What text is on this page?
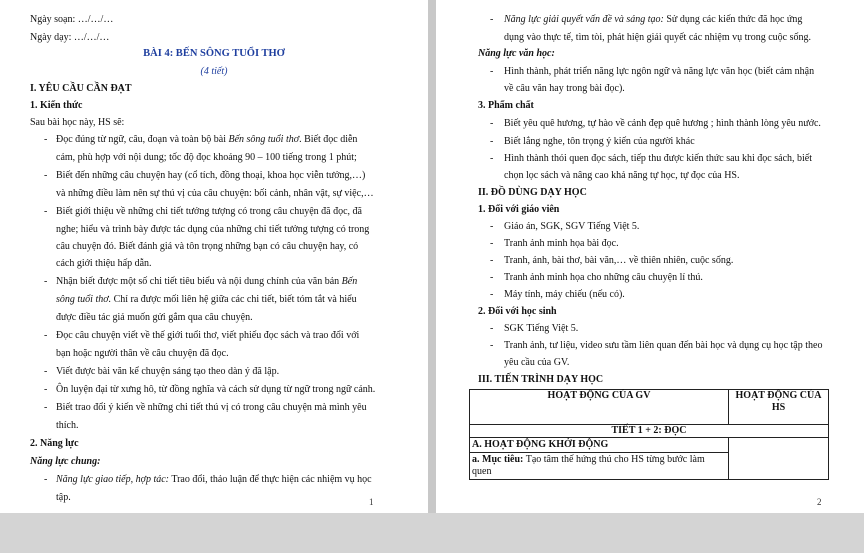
Ngày soạn: …/…/…
Ngày dạy: …/…/…
BÀI 4: BẾN SÔNG TUỔI THƠ
(4 tiết)
I. YÊU CẦU CẦN ĐẠT
1. Kiến thức
Sau bài học này, HS sẽ:
- Đọc đúng từ ngữ, câu, đoạn và toàn bộ bài Bến sông tuổi thơ. Biết đọc diễn
cảm, phù hợp với nội dung; tốc độ đọc khoảng 90 – 100 tiếng trong 1 phút;
- Biết đến những câu chuyện hay (cổ tích, đồng thoại, khoa học viễn tưởng,…)
và những điều làm nên sự thú vị của câu chuyện: bối cảnh, nhân vật, sự việc,…
- Biết giới thiệu về những chi tiết tưởng tượng có trong câu chuyện đã đọc, đã
nghe; hiểu và trình bày được tác dụng của những chi tiết tưởng tượng có trong
câu chuyện đó. Biết đánh giá và tôn trọng những bạn có câu chuyện hay, có
cách giới thiệu hấp dẫn.
- Nhận biết được một số chi tiết tiêu biểu và nội dung chính của văn bản Bến
sông tuổi thơ. Chỉ ra được mối liên hệ giữa các chi tiết, biết tóm tắt và hiểu
được điều tác giả muốn gửi gắm qua câu chuyện.
- Đọc câu chuyện viết về thế giới tuổi thơ, viết phiếu đọc sách và trao đổi với
bạn hoặc người thân về câu chuyện đã đọc.
- Viết được bài văn kể chuyện sáng tạo theo dàn ý đã lập.
- Ôn luyện đại từ xưng hô, từ đồng nghĩa và cách sử dụng từ ngữ trong ngữ cảnh.
- Biết trao đổi ý kiến về những chi tiết thú vị có trong câu chuyện mà mình yêu
thích.
2. Năng lực
Năng lực chung:
- Năng lực giao tiếp, hợp tác: Trao đổi, thảo luận để thực hiện các nhiệm vụ học
tập.	1
- Năng lực giải quyết vấn đề và sáng tạo: Sử dụng các kiến thức đã học ứng
dụng vào thực tế, tìm tòi, phát hiện giải quyết các nhiệm vụ trong cuộc sống.
Năng lực văn học:
- Hình thành, phát triển năng lực ngôn ngữ và năng lực văn học (biết cảm nhận
về câu văn hay trong bài đọc).
3. Phẩm chất
- Biết yêu quê hương, tự hào về cảnh đẹp quê hương ; hình thành lòng yêu nước.
- Biết lắng nghe, tôn trọng ý kiến của người khác
- Hình thành thói quen đọc sách, tiếp thu được kiến thức sau khi đọc sách, biết
chọn lọc sách và nâng cao khả năng tự học, tự đọc của HS.
II. ĐỒ DÙNG DẠY HỌC
1. Đối với giáo viên
- Giáo án, SGK, SGV Tiếng Việt 5.
- Tranh ảnh minh họa bài đọc.
- Tranh, ảnh, bài thơ, bài văn,… về thiên nhiên, cuộc sống.
- Tranh ảnh minh họa cho những câu chuyện lí thú.
- Máy tính, máy chiếu (nếu có).
2. Đối với học sinh
- SGK Tiếng Việt 5.
- Tranh ảnh, tư liệu, video sưu tầm liên quan đến bài học và dụng cụ học tập theo
yêu cầu của GV.
III. TIẾN TRÌNH DẠY HỌC
HOẠT ĐỘNG CỦA GV	HOẠT ĐỘNG CỦA
HS

TIẾT 1 + 2: ĐỌC	

A. HOẠT ĐỘNG KHỞI ĐỘNG
a. Mục tiêu: Tạo tâm thế hứng thú cho HS từng bước làm quen	

2
